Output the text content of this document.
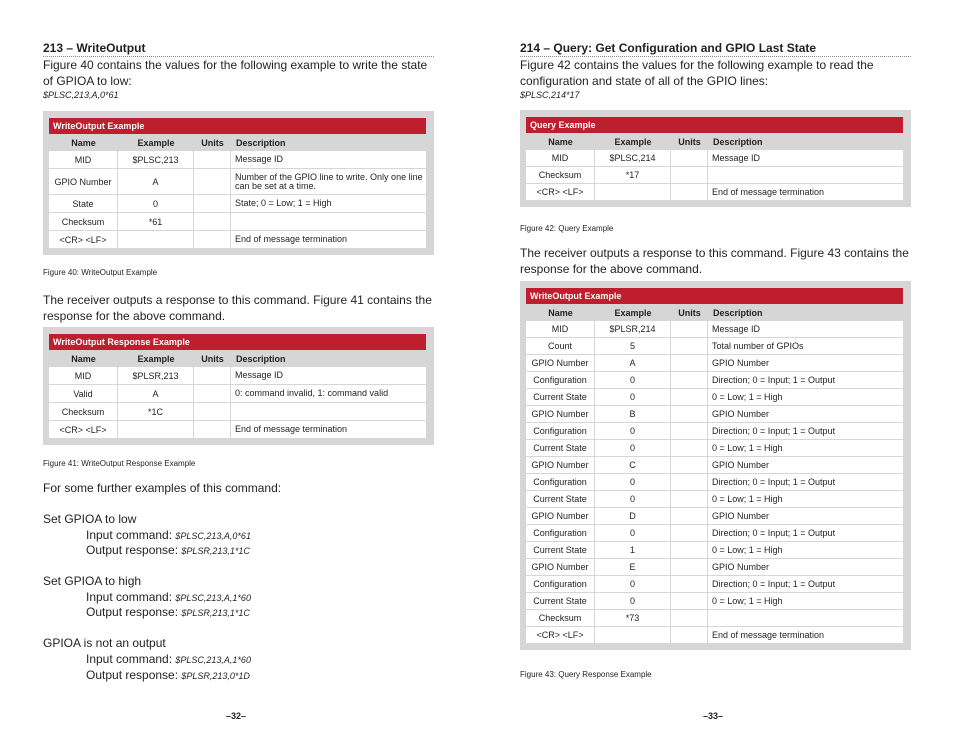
213 – WriteOutput
Figure 40 contains the values for the following example to write the state of GPIOA to low:
$PLSC,213,A,0*61
WriteOutput Example
Name	Example	Units	Description
MID	$PLSC,213		Message ID
GPIO Number	A		Number of the GPIO line to write. Only one line can be set at a time.
State	0		State; 0 = Low; 1 = High
Checksum	*61		
<CR> <LF>			End of message termination
Figure 40: WriteOutput Example
The receiver outputs a response to this command. Figure 41 contains the response for the above command.
WriteOutput Response Example
Name	Example	Units	Description
MID	$PLSR,213		Message ID
Valid	A		0: command invalid, 1: command valid
Checksum	*1C		
<CR> <LF>			End of message termination
Figure 41: WriteOutput Response Example
For some further examples of this command:
Set GPIOA to low
Input command: $PLSC,213,A,0*61
Output response: $PLSR,213,1*1C
Set GPIOA to high
Input command: $PLSC,213,A,1*60
Output response: $PLSR,213,1*1C
GPIOA is not an output
Input command: $PLSC,213,A,1*60
Output response: $PLSR,213,0*1D
–32–
214 – Query: Get Configuration and GPIO Last State
Figure 42 contains the values for the following example to read the configuration and state of all of the GPIO lines:
$PLSC,214*17
Query Example
Name	Example	Units	Description
MID	$PLSC,214		Message ID
Checksum	*17		
<CR> <LF>			End of message termination
Figure 42: Query Example
The receiver outputs a response to this command. Figure 43 contains the response for the above command.
WriteOutput Example
Name	Example	Units	Description
MID	$PLSR,214		Message ID
Count	5		Total number of GPIOs
GPIO Number	A		GPIO Number
Configuration	0		Direction; 0 = Input; 1 = Output
Current State	0		0 = Low; 1 = High
GPIO Number	B		GPIO Number
Configuration	0		Direction; 0 = Input; 1 = Output
Current State	0		0 = Low; 1 = High
GPIO Number	C		GPIO Number
Configuration	0		Direction; 0 = Input; 1 = Output
Current State	0		0 = Low; 1 = High
GPIO Number	D		GPIO Number
Configuration	0		Direction; 0 = Input; 1 = Output
Current State	1		0 = Low; 1 = High
GPIO Number	E		GPIO Number
Configuration	0		Direction; 0 = Input; 1 = Output
Current State	0		0 = Low; 1 = High
Checksum	*73		
<CR> <LF>			End of message termination
Figure 43: Query Response Example
–33–
